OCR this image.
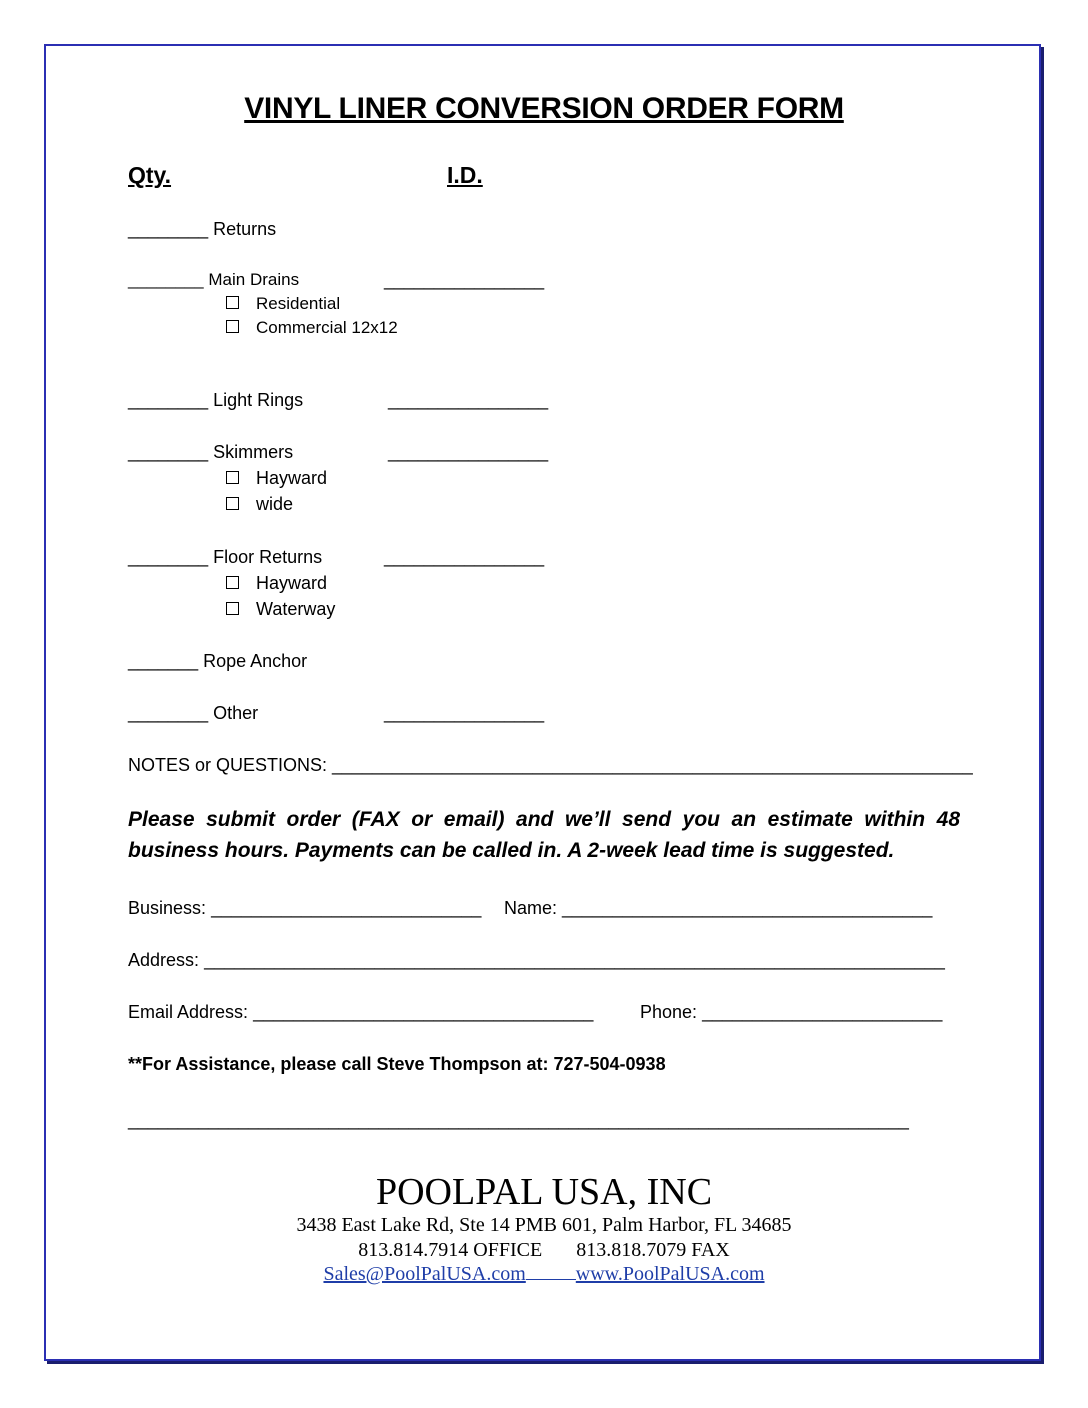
VINYL LINER CONVERSION ORDER FORM
Qty.	I.D.
________ Returns
________ Main Drains	________________
Residential
Commercial 12x12
________ Light Rings	________________
________ Skimmers	________________
Hayward
wide
________ Floor Returns	________________
Hayward
Waterway
_______ Rope Anchor
________ Other	________________
NOTES or QUESTIONS: ________________________________________________________________
Please submit order (FAX or email) and we’ll send you an estimate within 48 business hours. Payments can be called in. A 2-week lead time is suggested.
Business: ___________________________ Name: _____________________________________
Address: __________________________________________________________________________
Email Address: __________________________________	Phone: ________________________
**For Assistance, please call Steve Thompson at: 727-504-0938
______________________________________________________________________________
POOLPAL USA, INC
3438 East Lake Rd, Ste 14 PMB 601, Palm Harbor, FL 34685
813.814.7914 OFFICE 813.818.7079 FAX
Sales@PoolPalUSA.com	www.PoolPalUSA.com
